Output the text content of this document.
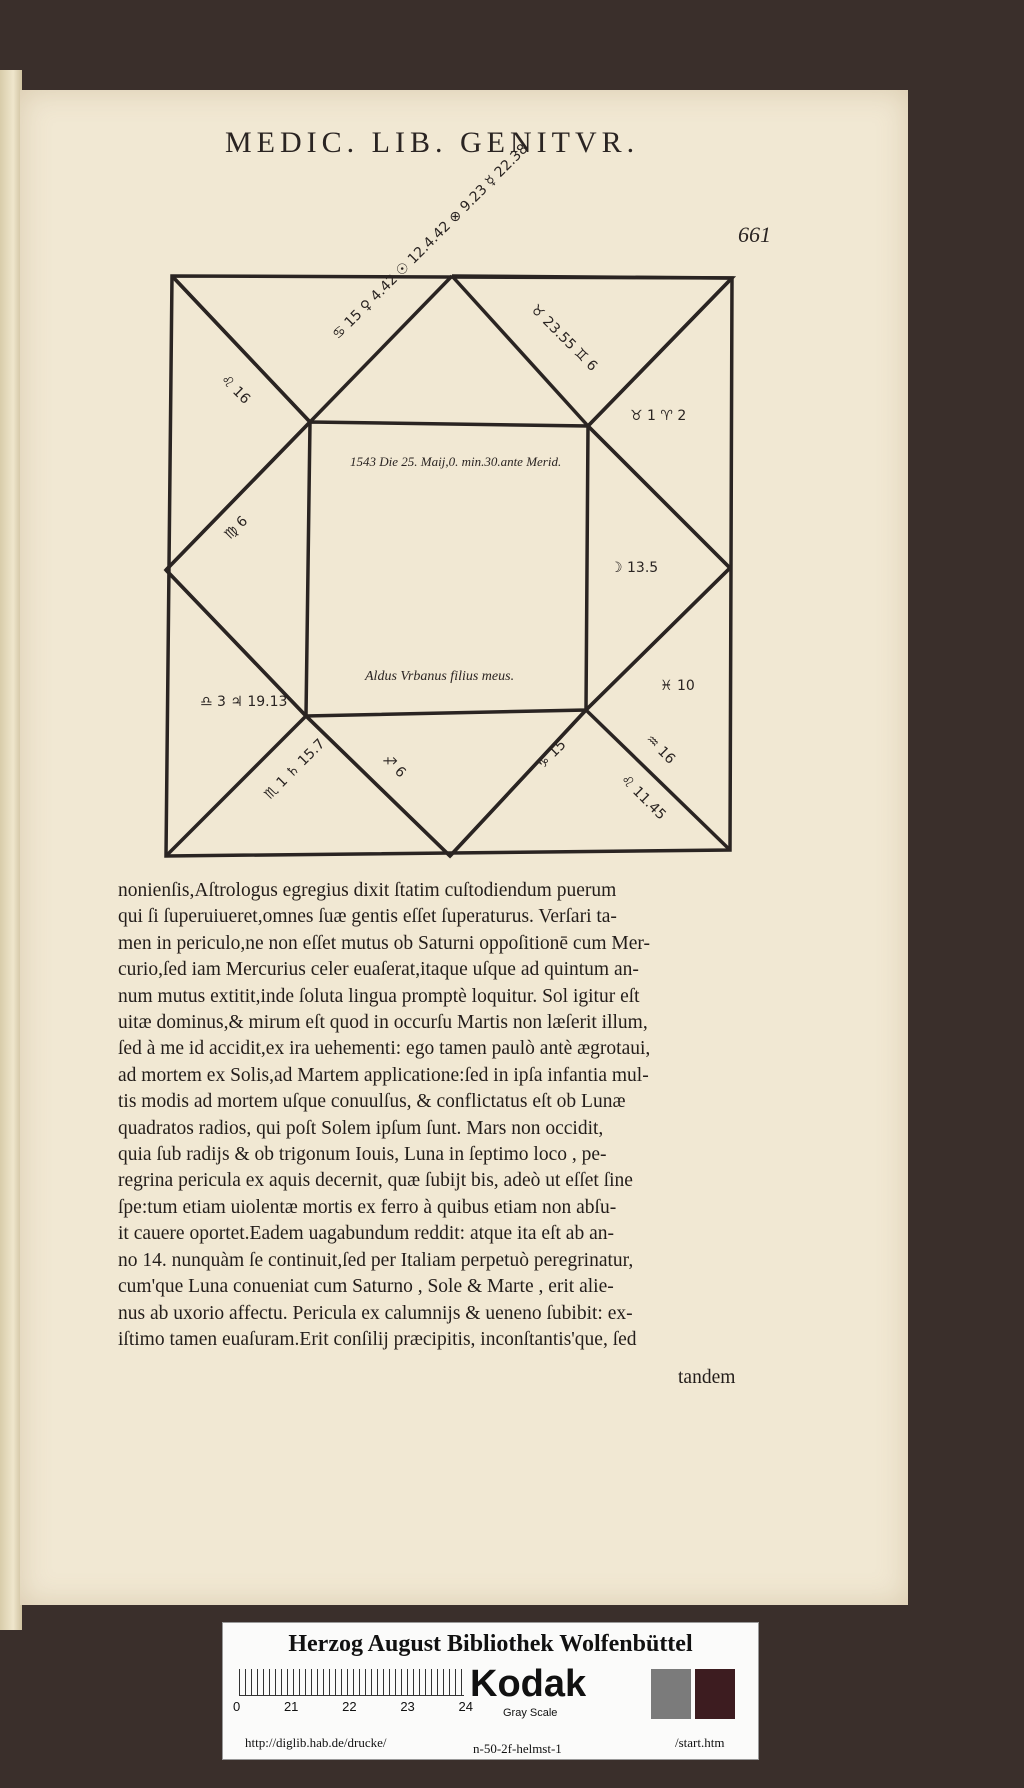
MEDIC. LIB. GENITVR.
661
1543 Die 25. Maij,0. min.30.ante Merid.
Aldus Vrbanus filius meus.
♋ 15 ♀ 4.42 ☉ 12.4.42 ⊗ 9.23 ☿ 22.38
♉ 23.55 ♊ 6
♉ 1 ♈ 2
☽ 13.5
♓ 10
♒ 16
♌ 11.45
♑ 15
♐ 6
♏ 1 ♄ 15.7
♎ 3 ♃ 19.13
♍ 6
♌ 16

nonienſis,Aſtrologus egregius dixit ſtatim cuſtodiendum puerum

qui ſi ſuperuiueret,omnes ſuæ gentis eſſet ſuperaturus. Verſari ta-

men in periculo,ne non eſſet mutus ob Saturni oppoſitionē cum Mer-

curio,ſed iam Mercurius celer euaſerat,itaque uſque ad quintum an-

num mutus extitit,inde ſoluta lingua promptè loquitur. Sol igitur eſt

uitæ dominus,& mirum eſt quod in occurſu Martis non læſerit illum,

ſed à me id accidit,ex ira uehementi: ego tamen paulò antè ægrotaui,

ad mortem ex Solis,ad Martem applicatione:ſed in ipſa infantia mul-

tis modis ad mortem uſque conuulſus, & conflictatus eſt ob Lunæ

quadratos radios, qui poſt Solem ipſum ſunt. Mars non occidit,

quia ſub radijs & ob trigonum Iouis, Luna in ſeptimo loco , pe-

regrina pericula ex aquis decernit, quæ ſubijt bis, adeò ut eſſet ſine

ſpe:tum etiam uiolentæ mortis ex ferro à quibus etiam non abſu-

it cauere oportet.Eadem uagabundum reddit: atque ita eſt ab an-

no 14. nunquàm ſe continuit,ſed per Italiam perpetuò peregrinatur,

cum'que Luna conueniat cum Saturno , Sole & Marte , erit alie-

nus ab uxorio affectu. Pericula ex calumnijs & ueneno ſubibit: ex-

iſtimo tamen euaſuram.Erit conſilij præcipitis, inconſtantis'que, ſed

tandem
Herzog August Bibliothek Wolfenbüttel
0	21	22	23	24
Kodak
Gray Scale
http://diglib.hab.de/drucke/	n-50-2f-helmst-1	/start.htm
